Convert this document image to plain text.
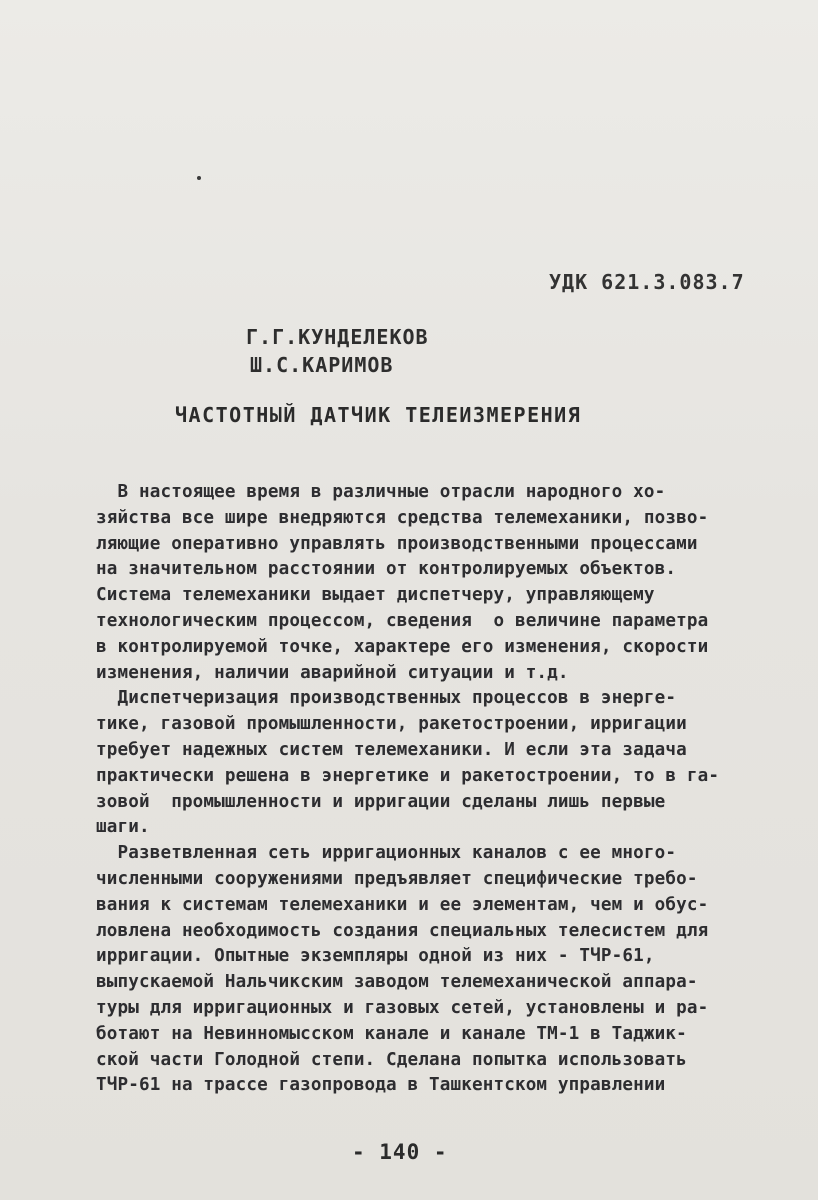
УДК 621.3.083.7
Г.Г.КУНДЕЛЕКОВ
Ш.С.КАРИМОВ
ЧАСТОТНЫЙ ДАТЧИК ТЕЛЕИЗМЕРЕНИЯ
В настоящее время в различные отрасли народного хо-
зяйства все шире внедряются средства телемеханики, позво-
ляющие оперативно управлять производственными процессами
на значительном расстоянии от контролируемых объектов.
Система телемеханики выдает диспетчеру, управляющему
технологическим процессом, сведения  о величине параметра
в контролируемой точке, характере его изменения, скорости
изменения, наличии аварийной ситуации и т.д.
Диспетчеризация производственных процессов в энерге-
тике, газовой промышленности, ракетостроении, ирригации
требует надежных систем телемеханики. И если эта задача
практически решена в энергетике и ракетостроении, то в га-
зовой  промышленности и ирригации сделаны лишь первые
шаги.
Разветвленная сеть ирригационных каналов с ее много-
численными сооружениями предъявляет специфические требо-
вания к системам телемеханики и ее элементам, чем и обус-
ловлена необходимость создания специальных телесистем для
ирригации. Опытные экземпляры одной из них - ТЧР-61,
выпускаемой Нальчикским заводом телемеханической аппара-
туры для ирригационных и газовых сетей, установлены и ра-
ботают на Невинномысском канале и канале ТМ-1 в Таджик-
ской части Голодной степи. Сделана попытка использовать
ТЧР-61 на трассе газопровода в Ташкентском управлении
- 140 -
